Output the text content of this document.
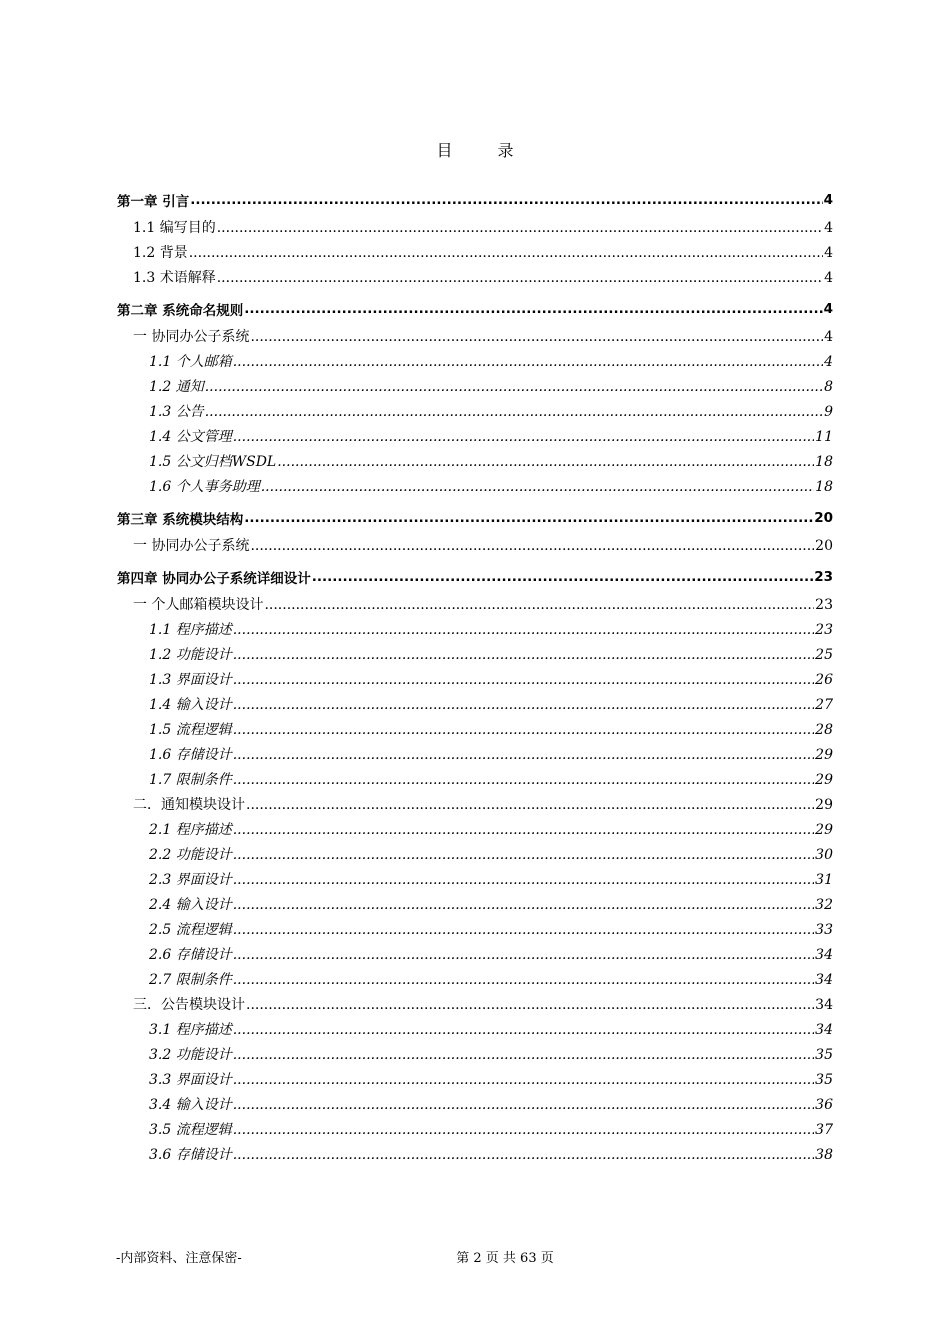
目 录
第一章 引言 .....	4
1.1 编写目的 .....	4
1.2 背景 .....	4
1.3 术语解释 .....	4
第二章 系统命名规则 .....	4
一 协同办公子系统 .....	4
1.1 个人邮箱 .....	4
1.2 通知 .....	8
1.3 公告 .....	9
1.4 公文管理 .....	11
1.5 公文归档WSDL .....	18
1.6 个人事务助理 .....	18
第三章 系统模块结构 .....	20
一 协同办公子系统 .....	20
第四章 协同办公子系统详细设计 .....	23
一 个人邮箱模块设计 .....	23
1.1 程序描述 .....	23
1.2 功能设计 .....	25
1.3 界面设计 .....	26
1.4 输入设计 .....	27
1.5 流程逻辑 .....	28
1.6 存储设计 .....	29
1.7 限制条件 .....	29
二．通知模块设计 .....	29
2.1 程序描述 .....	29
2.2 功能设计 .....	30
2.3 界面设计 .....	31
2.4 输入设计 .....	32
2.5 流程逻辑 .....	33
2.6 存储设计 .....	34
2.7 限制条件 .....	34
三．公告模块设计 .....	34
3.1 程序描述 .....	34
3.2 功能设计 .....	35
3.3 界面设计 .....	35
3.4 输入设计 .....	36
3.5 流程逻辑 .....	37
3.6 存储设计 .....	38
-内部资料、注意保密-	第 2 页 共 63 页
